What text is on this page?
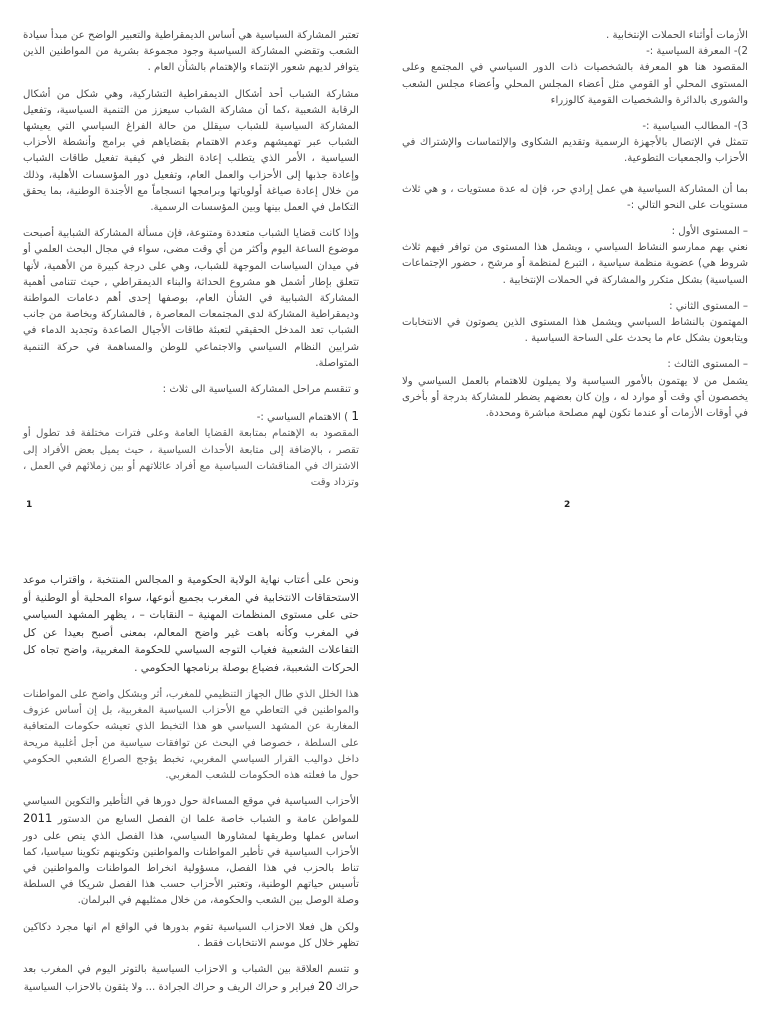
تعتبر المشاركة السياسية هي أساس الديمقراطية والتعبير الواضح عن مبدأ سيادة الشعب وتقضي المشاركة السياسية وجود مجموعة بشرية من المواطنين الذين يتوافر لديهم شعور الإنتماء والإهتمام بالشأن العام .

مشاركة الشباب أحد أشكال الديمقراطية التشاركية، وهي شكل من أشكال الرقابة الشعبية ،كما أن مشاركة الشباب سيعزز من التنمية السياسية، وتفعيل المشاركة السياسية للشباب سيقلل من حالة الفراغ السياسي التي يعيشها الشباب عبر تهميشهم وعدم الاهتمام بقضاياهم في برامج وأنشطة الأحزاب السياسية ، الأمر الذي يتطلب إعادة النظر في كيفية تفعيل طاقات الشباب وإعادة جذبها إلى الأحزاب والعمل العام، وتفعيل دور المؤسسات الأهلية، وذلك من خلال إعادة صياغة أولوياتها وبرامجها انسجاماً مع الأجندة الوطنية، بما يحقق التكامل في العمل بينها وبين المؤسسات الرسمية.

وإذا كانت قضايا الشباب متعددة ومتنوعة، فإن مسألة المشاركة الشبابية أصبحت موضوع الساعة اليوم وأكثر من أي وقت مضى، سواء في مجال البحث العلمي أو في ميدان السياسات الموجهة للشباب، وهي على درجة كبيرة من الأهمية، لأنها تتعلق بإطار أشمل هو مشروع الحداثة والبناء الديمقراطي , حيث تتنامى أهمية المشاركة الشبابية في الشأن العام، بوصفها إحدى أهم دعامات المواطنة وديمقراطية المشاركة لدى المجتمعات المعاصرة , فالمشاركة وبخاصة من جانب الشباب تعد المدخل الحقيقي لتعبئة طاقات الأجيال الصاعدة وتجديد الدماء في شرايين النظام السياسي والاجتماعي للوطن والمساهمة في حركة التنمية المتواصلة.

و تنقسم مراحل المشاركة السياسية الى ثلاث :

1 ) الاهتمام السياسي :-

المقصود به الإهتمام بمتابعة القضايا العامة وعلى فترات مختلفة قد تطول أو تقصر ، بالإضافة إلى متابعة الأحداث السياسية ، حيث يميل بعض الأفراد إلى الاشتراك في المناقشات السياسية مع أفراد عائلاتهم أو بين زملائهم في العمل ، وتزداد وقت

1

الأزمات أوأثناء الحملات الإنتخابية .

2)- المعرفة السياسية :-

المقصود هنا هو المعرفة بالشخصيات ذات الدور السياسي في المجتمع وعلى المستوى المحلي أو القومي مثل أعضاء المجلس المحلي وأعضاء مجلس الشعب والشورى بالدائرة والشخصيات القومية كالوزراء

3)- المطالب السياسية :-

تتمثل في الإتصال بالأجهزة الرسمية وتقديم الشكاوى والإلتماسات والإشتراك في الأحزاب والجمعيات التطوعية.

بما أن المشاركة السياسية هي عمل إرادي حر، فإن له عدة مستويات ، و هي ثلاث مستويات على النحو التالي :-

– المستوى الأول :

نعني بهم ممارسو النشاط السياسي ، ويشمل هذا المستوى من توافر فيهم ثلاث شروط هي) عضوية منظمة سياسية ، التبرع لمنظمة أو مرشح ، حضور الإجتماعات السياسية) بشكل متكرر والمشاركة في الحملات الإنتخابية .

– المستوى الثاني :

المهتمون بالنشاط السياسي ويشمل هذا المستوى الذين يصوتون في الانتخابات ويتابعون بشكل عام ما يحدث على الساحة السياسية .

– المستوى الثالث :

يشمل من لا يهتمون بالأمور السياسية ولا يميلون للاهتمام بالعمل السياسي ولا يخصصون أي وقت أو موارد له ، وإن كان بعضهم يضطر للمشاركة بدرجة أو بأخرى في أوقات الأزمات أو عندما تكون لهم مصلحة مباشرة ومحددة.

2

ونحن على أعتاب نهاية الولاية الحكومية و المجالس المنتخبة ، واقتراب موعد الاستحقاقات الانتخابية في المغرب بجميع أنوعها، سواء المحلية أو الوطنية أو حتى على مستوى المنظمات المهنية – النقابات – ، يظهر المشهد السياسي في المغرب وكأنه باهت غير واضح المعالم، بمعنى أصبح بعيدا عن كل التفاعلات الشعبية فغياب التوجه السياسي للحكومة المغربية، واضح تجاه كل الحركات الشعبية، فضياع بوصلة برنامجها الحكومي .

هذا الخلل الذي طال الجهاز التنظيمي للمغرب، أثر وبشكل واضح على المواطنات والمواطنين في التعاطي مع الأحزاب السياسية المغربية، بل إن أساس عزوف المغاربة عن المشهد السياسي هو هذا التخبط الذي تعيشه حكومات المتعاقبة على السلطة ، خصوصا في البحث عن توافقات سياسية من أجل أغلبية مريحة داخل دواليب القرار السياسي المغربي، تخبط يؤجج الصراع الشعبي الحكومي حول ما فعلته هذه الحكومات للشعب المغربي.

الأحزاب السياسية في موقع المساءلة حول دورها في التأطير والتكوين السياسي للمواطن عامة و الشباب خاصة علما ان الفصل السابع من الدستور 2011 اساس عملها وطريقها لمشاورها السياسي، هذا الفصل الذي ينص على دور الأحزاب السياسية في تأطير المواطنات والمواطنين وتكوينهم تكوينا سياسيا، كما تناط بالحزب في هذا الفصل، مسؤولية انخراط المواطنات والمواطنين في تأسيس حياتهم الوطنية، وتعتبر الأحزاب حسب هذا الفصل شريكا في السلطة وصلة الوصل بين الشعب والحكومة، من خلال ممثليهم في البرلمان.

ولكن هل فعلا الاحزاب السياسية تقوم بدورها في الواقع ام انها مجرد دكاكين تظهر خلال كل موسم الانتخابات فقط .

و تتسم العلاقة بين الشباب و الاحزاب السياسية بالتوتر اليوم في المغرب بعد حراك 20 فبراير و حراك الريف و حراك الجرادة ... ولا يثقون بالاحزاب السياسية
